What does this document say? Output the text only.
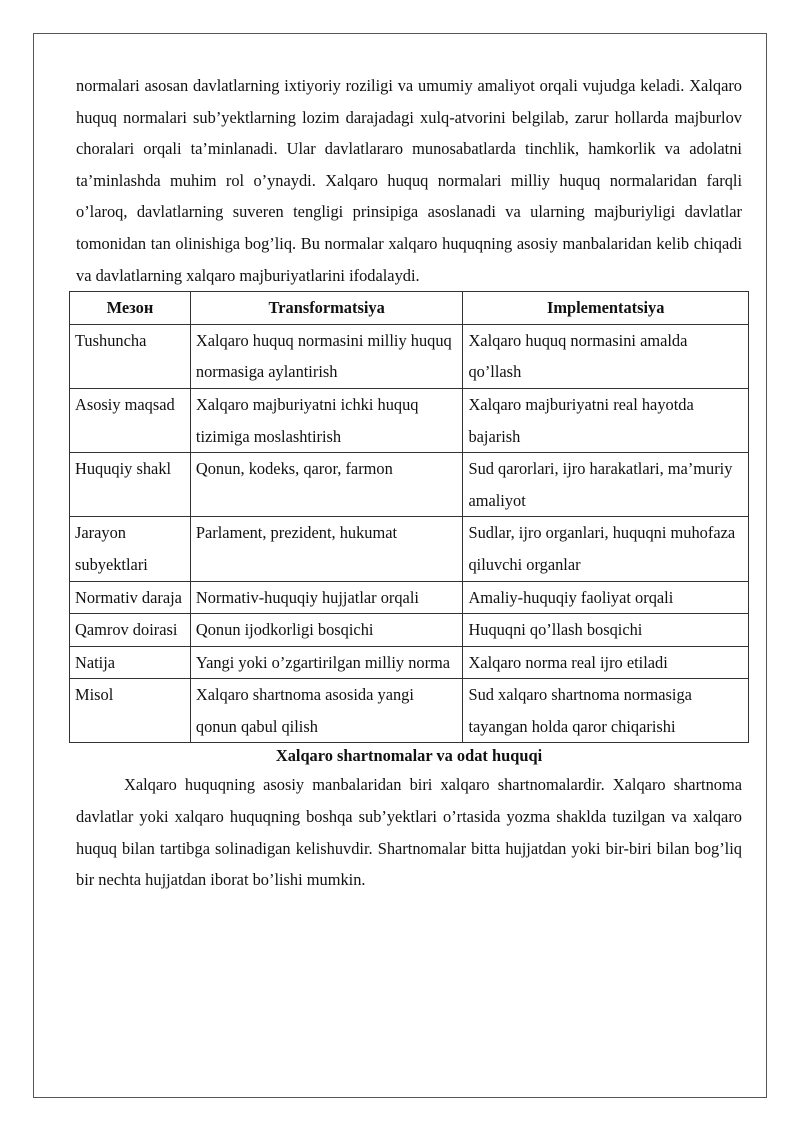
normalari asosan davlatlarning ixtiyoriy roziligi va umumiy amaliyot orqali vujudga keladi. Xalqaro huquq normalari sub’yektlarning lozim darajadagi xulq-atvorini belgilab, zarur hollarda majburlov choralari orqali ta’minlanadi. Ular davlatlararo munosabatlarda tinchlik, hamkorlik va adolatni ta’minlashda muhim rol o’ynaydi. Xalqaro huquq normalari milliy huquq normalaridan farqli o’laroq, davlatlarning suveren tengligi prinsipiga asoslanadi va ularning majburiyligi davlatlar tomonidan tan olinishiga bog’liq. Bu normalar xalqaro huquqning asosiy manbalaridan kelib chiqadi va davlatlarning xalqaro majburiyatlarini ifodalaydi.

Мезон	Transformatsiya	Implementatsiya
Tushuncha	Xalqaro huquq normasini milliy huquq normasiga aylantirish	Xalqaro huquq normasini amalda qo’llash
Asosiy maqsad	Xalqaro majburiyatni ichki huquq tizimiga moslashtirish	Xalqaro majburiyatni real hayotda bajarish
Huquqiy shakl	Qonun, kodeks, qaror, farmon	Sud qarorlari, ijro harakatlari, ma’muriy amaliyot
Jarayon subyektlari	Parlament, prezident, hukumat	Sudlar, ijro organlari, huquqni muhofaza qiluvchi organlar
Normativ daraja	Normativ-huquqiy hujjatlar orqali	Amaliy-huquqiy faoliyat orqali
Qamrov doirasi	Qonun ijodkorligi bosqichi	Huquqni qo’llash bosqichi
Natija	Yangi yoki o’zgartirilgan milliy norma	Xalqaro norma real ijro etiladi
Misol	Xalqaro shartnoma asosida yangi qonun qabul qilish	Sud xalqaro shartnoma normasiga tayangan holda qaror chiqarishi
Xalqaro shartnomalar va odat huquqi

Xalqaro huquqning asosiy manbalaridan biri xalqaro shartnomalardir. Xalqaro shartnoma davlatlar yoki xalqaro huquqning boshqa sub’yektlari o’rtasida yozma shaklda tuzilgan va xalqaro huquq bilan tartibga solinadigan kelishuvdir. Shartnomalar bitta hujjatdan yoki bir-biri bilan bog’liq bir nechta hujjatdan iborat bo’lishi mumkin.
